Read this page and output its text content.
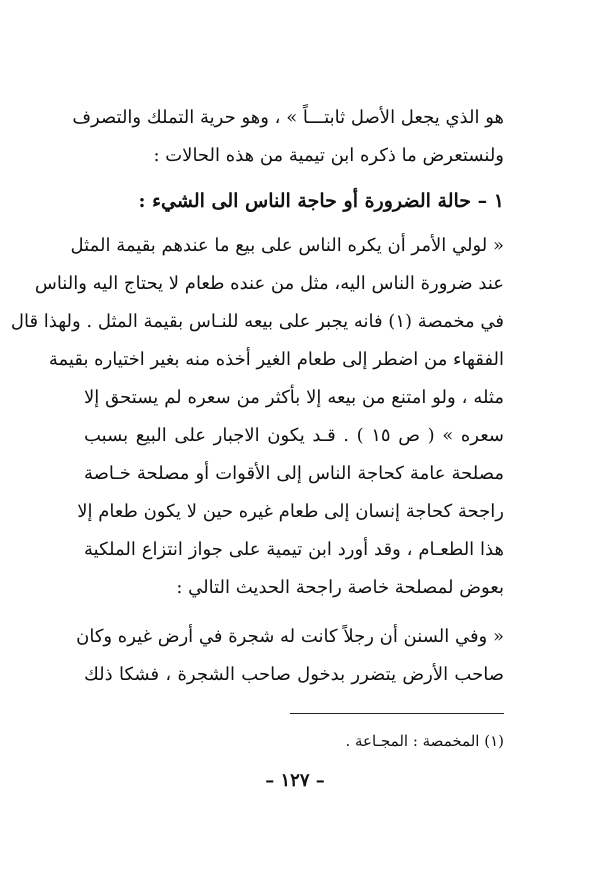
هو الذي يجعل الأصل ثابتـــاً » ، وهو حرية التملك والتصرف
ولنستعرض ما ذكره ابن تيمية من هذه الحالات :
١ – حالة الضرورة أو حاجة الناس الى الشيء :
« لولي الأمر أن يكره الناس على بيع ما عندهم بقيمة المثل
عند ضرورة الناس اليه، مثل من عنده طعام لا يحتاج اليه والناس
في مخمصة (١) فانه يجبر على بيعه للنـاس بقيمة المثل . ولهذا قال
الفقهاء من اضطر إلى طعام الغير أخذه منه بغير اختياره بقيمة
مثله ، ولو امتنع من بيعه إلا بأكثر من سعره لم يستحق إلا
سعره » ( ص ١٥ ) . قـد يكون الاجبار على البيع بسبب
مصلحة عامة كحاجة الناس إلى الأقوات أو مصلحة خـاصة
راجحة كحاجة إنسان إلى طعام غيره حين لا يكون طعام إلا
هذا الطعـام ، وقد أورد ابن تيمية على جواز انتزاع الملكية
بعوض لمصلحة خاصة راجحة الحديث التالي :
« وفي السنن أن رجلاً كانت له شجرة في أرض غيره وكان
صاحب الأرض يتضرر بدخول صاحب الشجرة ، فشكا ذلك
(١) المخمصة : المجـاعة .
– ١٢٧ –
